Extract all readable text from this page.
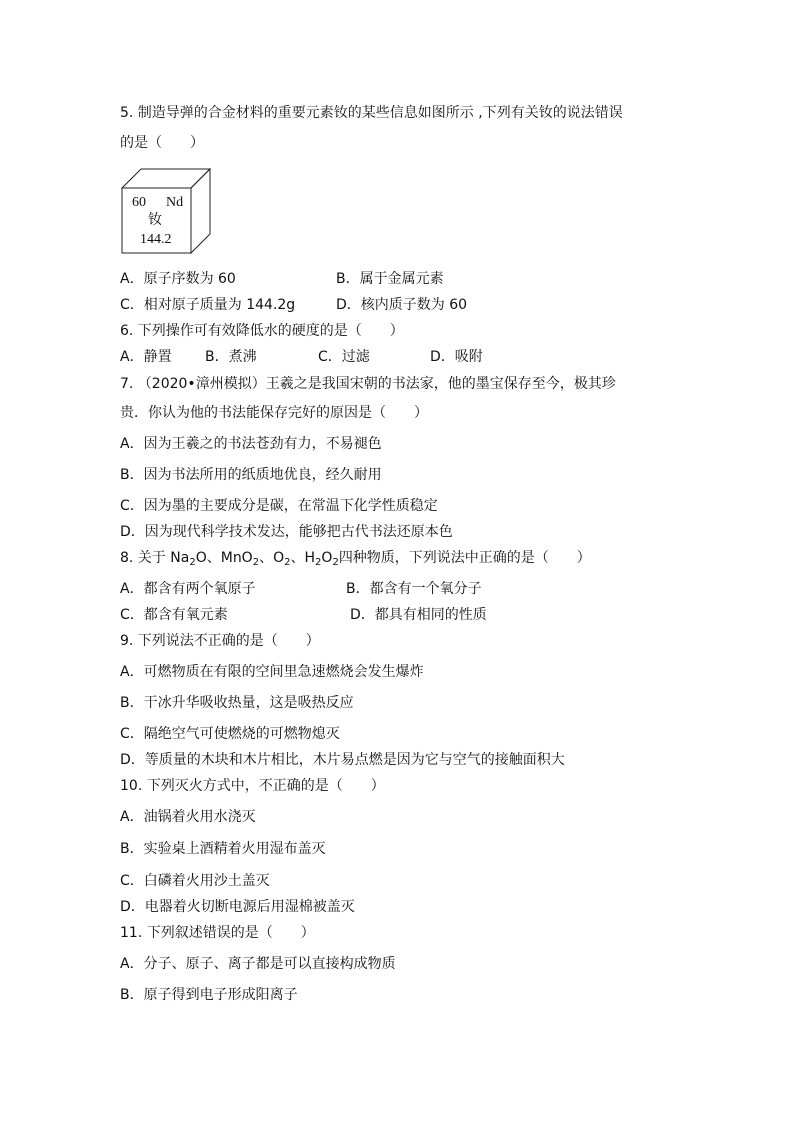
5. 制造导弹的合金材料的重要元素钕的某些信息如图所示 ,下列有关钕的说法错误
的是（　　）
60 Nd
钕
144.2
A．原子序数为 60	B．属于金属元素
C．相对原子质量为 144.2g	D．核内质子数为 60
6. 下列操作可有效降低水的硬度的是（　　）
A．静置 B．煮沸	C．过滤	D．吸附
7. （2020•漳州模拟）王羲之是我国宋朝的书法家，他的墨宝保存至今，极其珍
贵．你认为他的书法能保存完好的原因是（　　）
A．因为王羲之的书法苍劲有力，不易褪色
B．因为书法所用的纸质地优良，经久耐用
C．因为墨的主要成分是碳，在常温下化学性质稳定
D．因为现代科学技术发达，能够把古代书法还原本色
8. 关于 $Na_2O$、MnO$_2$、$O_2$、$H_2O_2$四种物质，下列说法中正确的是（　　）
A．都含有两个氧原子	B．都含有一个氧分子
C．都含有氧元素	D．都具有相同的性质
9. 下列说法不正确的是（　　）
A．可燃物质在有限的空间里急速燃烧会发生爆炸
B．干冰升华吸收热量，这是吸热反应
C．隔绝空气可使燃烧的可燃物熄灭
D．等质量的木块和木片相比，木片易点燃是因为它与空气的接触面积大
10. 下列灭火方式中，不正确的是（　　）
A．油锅着火用水浇灭
B．实验桌上酒精着火用湿布盖灭
C．白磷着火用沙土盖灭
D．电器着火切断电源后用湿棉被盖灭
11. 下列叙述错误的是（　　）
A．分子、原子、离子都是可以直接构成物质
B．原子得到电子形成阳离子
